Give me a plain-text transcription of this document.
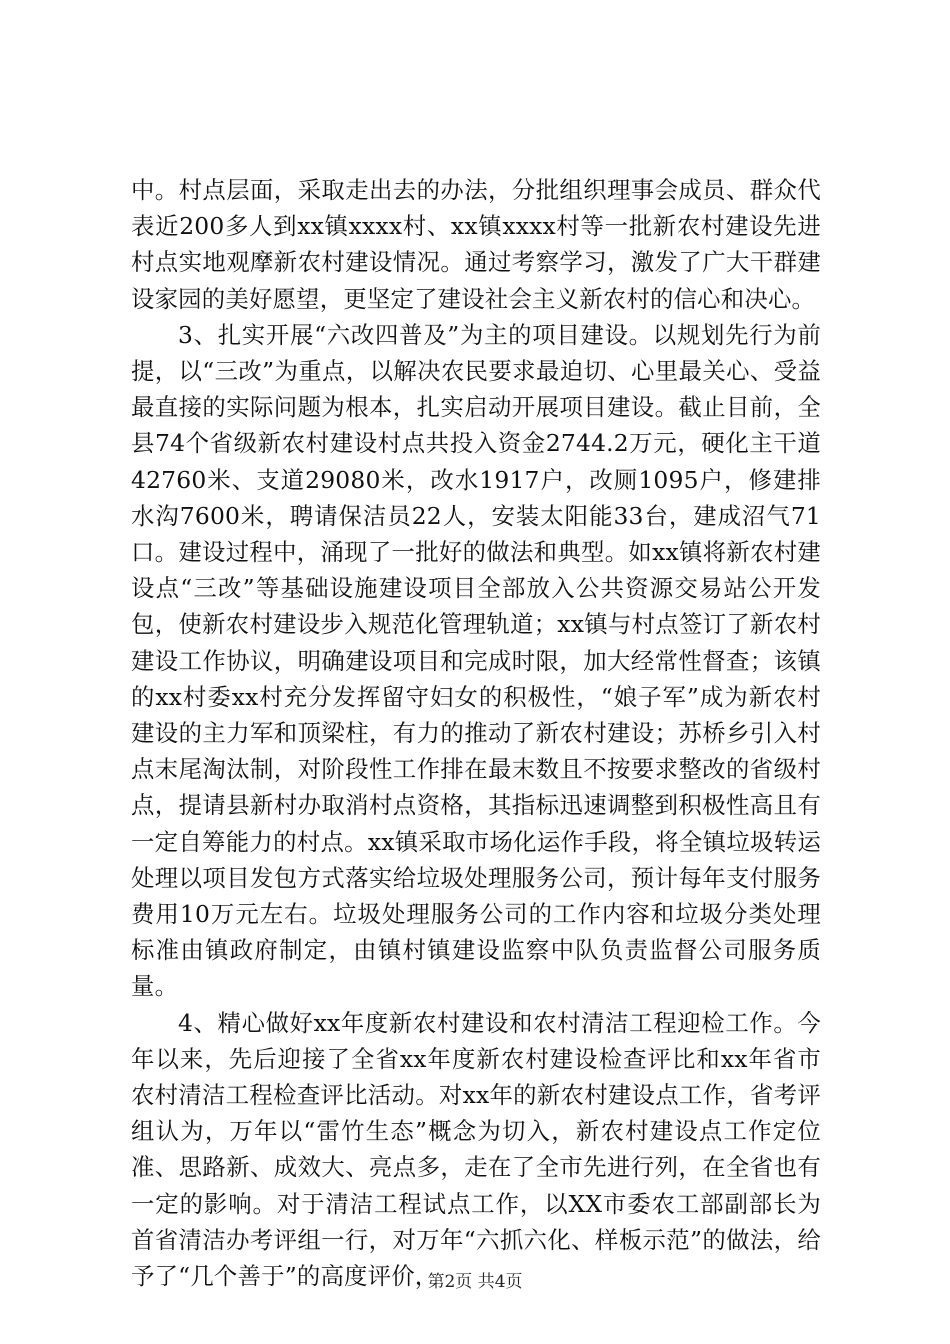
中。村点层面，采取走出去的办法，分批组织理事会成员、群众代表近200多人到xx镇xxxx村、xx镇xxxx村等一批新农村建设先进村点实地观摩新农村建设情况。通过考察学习，激发了广大干群建设家园的美好愿望，更坚定了建设社会主义新农村的信心和决心。

3、扎实开展“六改四普及”为主的项目建设。以规划先行为前提，以“三改”为重点，以解决农民要求最迫切、心里最关心、受益最直接的实际问题为根本，扎实启动开展项目建设。截止目前，全县74个省级新农村建设村点共投入资金2744.2万元，硬化主干道42760米、支道29080米，改水1917户，改厕1095户，修建排水沟7600米，聘请保洁员22人，安装太阳能33台，建成沼气71口。建设过程中，涌现了一批好的做法和典型。如xx镇将新农村建设点“三改”等基础设施建设项目全部放入公共资源交易站公开发包，使新农村建设步入规范化管理轨道；xx镇与村点签订了新农村建设工作协议，明确建设项目和完成时限，加大经常性督查；该镇的xx村委xx村充分发挥留守妇女的积极性，“娘子军”成为新农村建设的主力军和顶梁柱，有力的推动了新农村建设；苏桥乡引入村点末尾淘汰制，对阶段性工作排在最末数且不按要求整改的省级村点，提请县新村办取消村点资格，其指标迅速调整到积极性高且有一定自筹能力的村点。xx镇采取市场化运作手段，将全镇垃圾转运处理以项目发包方式落实给垃圾处理服务公司，预计每年支付服务费用10万元左右。垃圾处理服务公司的工作内容和垃圾分类处理标准由镇政府制定，由镇村镇建设监察中队负责监督公司服务质量。

4、精心做好xx年度新农村建设和农村清洁工程迎检工作。今年以来，先后迎接了全省xx年度新农村建设检查评比和xx年省市农村清洁工程检查评比活动。对xx年的新农村建设点工作，省考评组认为，万年以“雷竹生态”概念为切入，新农村建设点工作定位准、思路新、成效大、亮点多，走在了全市先进行列，在全省也有一定的影响。对于清洁工程试点工作，以XX市委农工部副部长为首省清洁办考评组一行，对万年“六抓六化、样板示范”的做法，给予了“几个善于”的高度评价，

第2页 共4页
